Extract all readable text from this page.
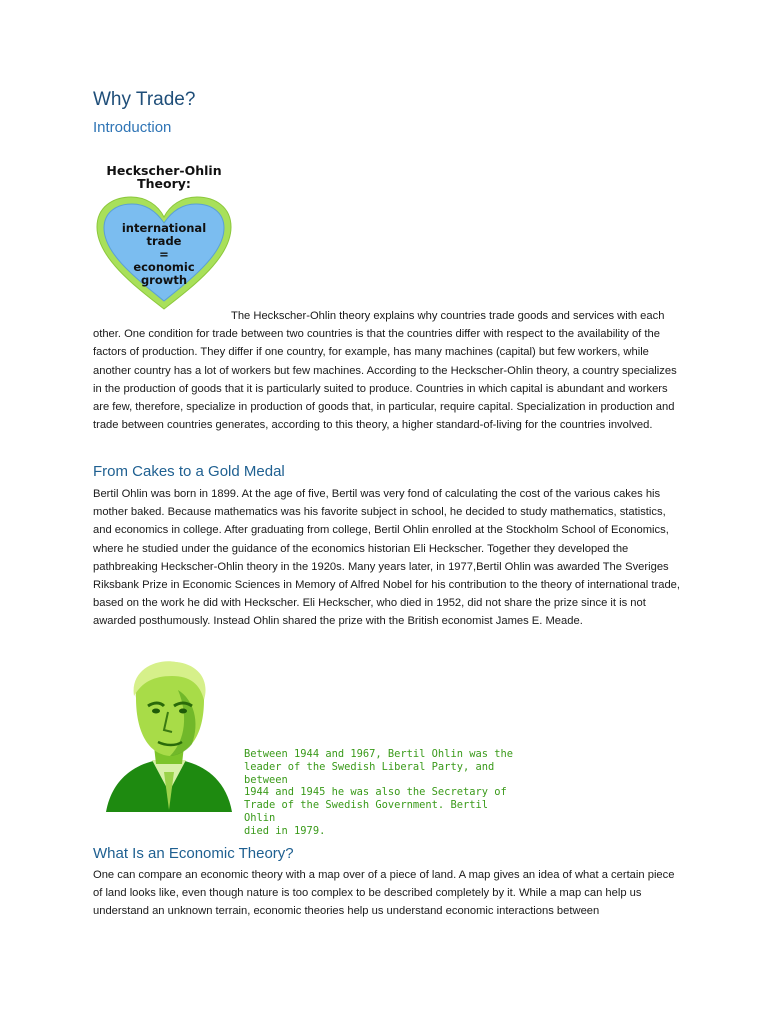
Why Trade?
Introduction
Heckscher-Ohlin Theory:
international
trade
=
economic
growth

The Heckscher-Ohlin theory explains why countries trade goods and services with each other. One condition for trade between two countries is that the countries differ with respect to the availability of the factors of production. They differ if one country, for example, has many machines (capital) but few workers, while another country has a lot of workers but few machines. According to the Heckscher-Ohlin theory, a country specializes in the production of goods that it is particularly suited to produce. Countries in which capital is abundant and workers are few, therefore, specialize in production of goods that, in particular, require capital. Specialization in production and trade between countries generates, according to this theory, a higher standard-of-living for the countries involved.

From Cakes to a Gold Medal

Bertil Ohlin was born in 1899. At the age of five, Bertil was very fond of calculating the cost of the various cakes his mother baked. Because mathematics was his favorite subject in school, he decided to study mathematics, statistics, and economics in college. After graduating from college, Bertil Ohlin enrolled at the Stockholm School of Economics, where he studied under the guidance of the economics historian Eli Heckscher. Together they developed the pathbreaking Heckscher-Ohlin theory in the 1920s. Many years later, in 1977,Bertil Ohlin was awarded The Sveriges Riksbank Prize in Economic Sciences in Memory of Alfred Nobel for his contribution to the theory of international trade, based on the work he did with Heckscher. Eli Heckscher, who died in 1952, did not share the prize since it is not awarded posthumously. Instead Ohlin shared the prize with the British economist James E. Meade.

Between 1944 and 1967, Bertil Ohlin was the
leader of the Swedish Liberal Party, and between
1944 and 1945 he was also the Secretary of
Trade of the Swedish Government. Bertil Ohlin
died in 1979.
What Is an Economic Theory?

One can compare an economic theory with a map over of a piece of land. A map gives an idea of what a certain piece of land looks like, even though nature is too complex to be described completely by it. While a map can help us understand an unknown terrain, economic theories help us understand economic interactions between
